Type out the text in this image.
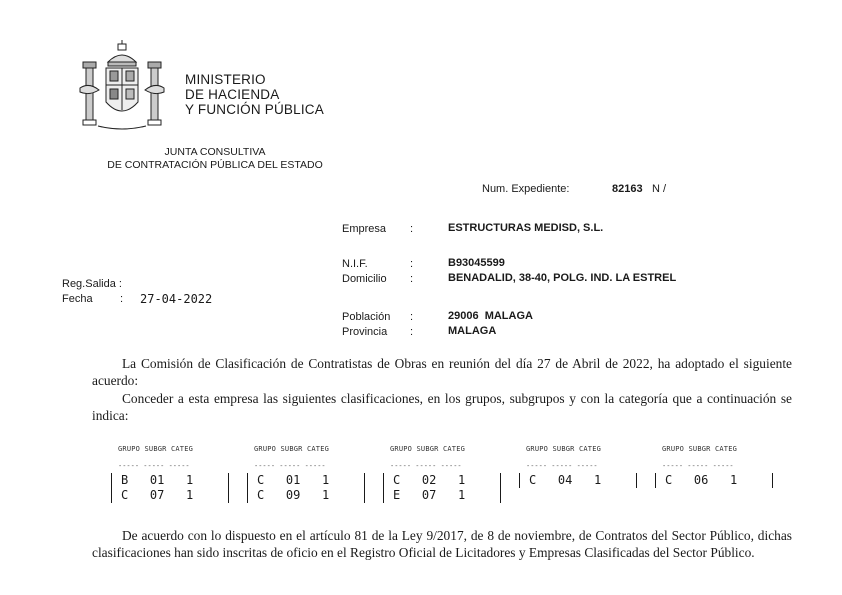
MINISTERIO
DE HACIENDA
Y FUNCIÓN PÚBLICA
JUNTA CONSULTIVA
DE CONTRATACIÓN PÚBLICA DEL ESTADO
Num. Expediente:	82163 N /
Empresa :	ESTRUCTURAS MEDISD, S.L.
N.I.F.	:	B93045599
Domicilio :	BENADALID, 38-40, POLG. IND. LA ESTREL
Población :	29006  MALAGA
Provincia :	MALAGA
Reg.Salida :
Fecha : 27-04-2022
La Comisión de Clasificación de Contratistas de Obras en reunión del día 27 de Abril de 2022, ha adoptado el siguiente acuerdo:
Conceder a esta empresa las siguientes clasificaciones, en los grupos, subgrupos y con la categoría que a continuación se indica:
GRUPO SUBGR CATEG
----- ----- -----
B   01   1
C   07   1
GRUPO SUBGR CATEG
----- ----- -----
C   01   1
C   09   1
GRUPO SUBGR CATEG
----- ----- -----
C   02   1
E   07   1
GRUPO SUBGR CATEG
----- ----- -----
C   04   1
GRUPO SUBGR CATEG
----- ----- -----
C   06   1
De acuerdo con lo dispuesto en el artículo 81 de la Ley 9/2017, de 8 de noviembre, de Contratos del Sector Público, dichas clasificaciones han sido inscritas de oficio en el Registro Oficial de Licitadores y Empresas Clasificadas del Sector Público.
